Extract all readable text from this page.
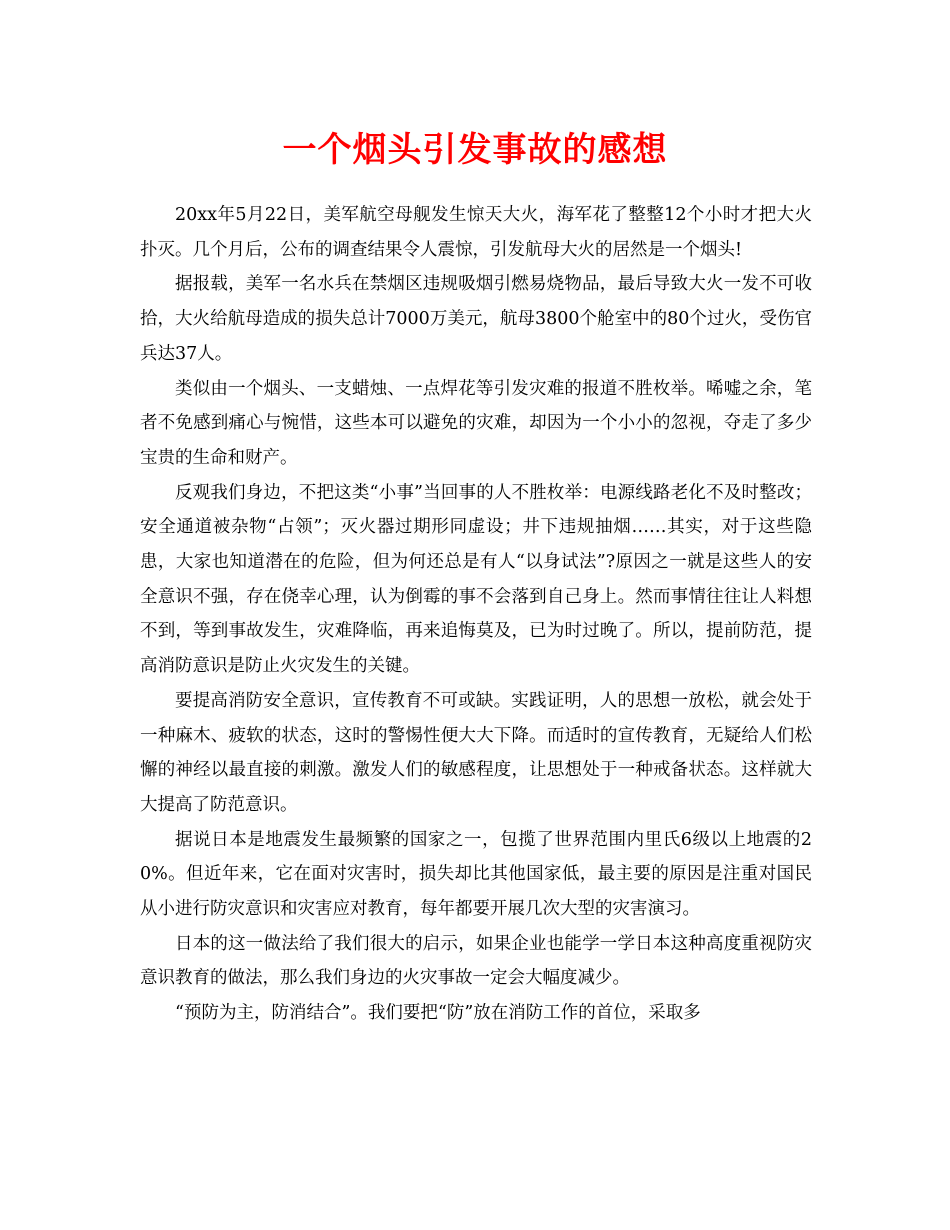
一个烟头引发事故的感想

20xx年5月22日，美军航空母舰发生惊天大火，海军花了整整12个小时才把大火扑灭。几个月后，公布的调查结果令人震惊，引发航母大火的居然是一个烟头!

据报载，美军一名水兵在禁烟区违规吸烟引燃易烧物品，最后导致大火一发不可收拾，大火给航母造成的损失总计7000万美元，航母3800个舱室中的80个过火，受伤官兵达37人。

类似由一个烟头、一支蜡烛、一点焊花等引发灾难的报道不胜枚举。唏嘘之余，笔者不免感到痛心与惋惜，这些本可以避免的灾难，却因为一个小小的忽视，夺走了多少宝贵的生命和财产。

反观我们身边，不把这类“小事”当回事的人不胜枚举：电源线路老化不及时整改；安全通道被杂物“占领”；灭火器过期形同虚设；井下违规抽烟……其实，对于这些隐患，大家也知道潜在的危险，但为何还总是有人“以身试法”?原因之一就是这些人的安全意识不强，存在侥幸心理，认为倒霉的事不会落到自己身上。然而事情往往让人料想不到，等到事故发生，灾难降临，再来追悔莫及，已为时过晚了。所以，提前防范，提高消防意识是防止火灾发生的关键。

要提高消防安全意识，宣传教育不可或缺。实践证明，人的思想一放松，就会处于一种麻木、疲软的状态，这时的警惕性便大大下降。而适时的宣传教育，无疑给人们松懈的神经以最直接的刺激。激发人们的敏感程度，让思想处于一种戒备状态。这样就大大提高了防范意识。

据说日本是地震发生最频繁的国家之一，包揽了世界范围内里氏6级以上地震的20%。但近年来，它在面对灾害时，损失却比其他国家低，最主要的原因是注重对国民从小进行防灾意识和灾害应对教育，每年都要开展几次大型的灾害演习。

日本的这一做法给了我们很大的启示，如果企业也能学一学日本这种高度重视防灾意识教育的做法，那么我们身边的火灾事故一定会大幅度减少。

“预防为主，防消结合”。我们要把“防”放在消防工作的首位，采取多
